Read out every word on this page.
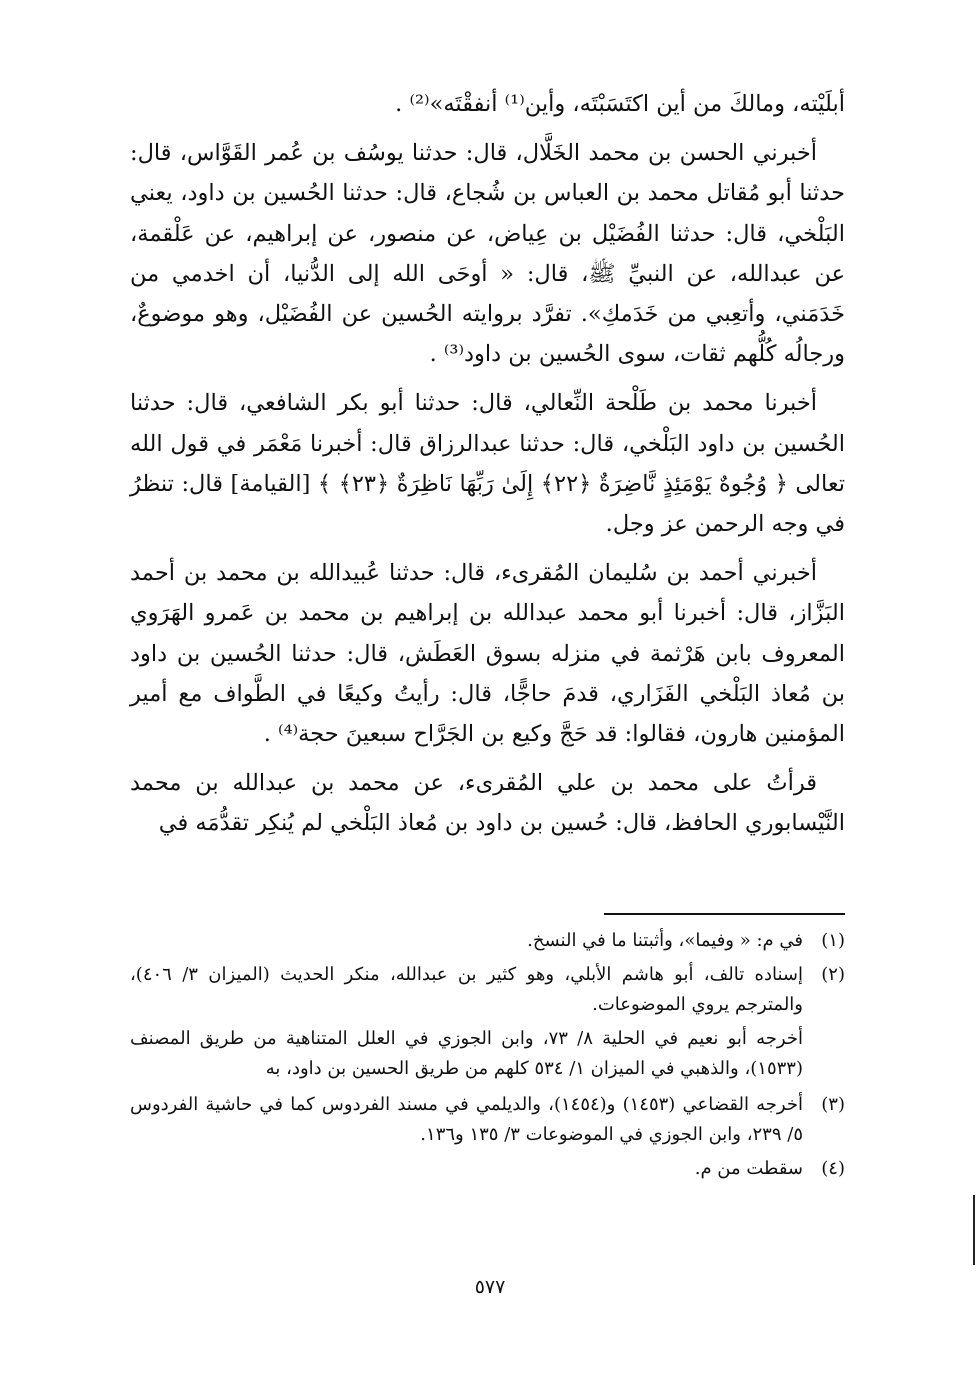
أبلَيْته، ومالكَ من أين اكتَسَبْتَه، وأين⁽¹⁾ أنفقْتَه»⁽²⁾ .

أخبرني الحسن بن محمد الخَلَّال، قال: حدثنا يوسُف بن عُمر القَوَّاس، قال: حدثنا أبو مُقاتل محمد بن العباس بن شُجاع، قال: حدثنا الحُسين بن داود، يعني البَلْخي، قال: حدثنا الفُضَيْل بن عِياض، عن منصور، عن إبراهيم، عن عَلْقمة، عن عبدالله، عن النبيِّ ﷺ، قال: « أوحَى الله إلى الدُّنيا، أن اخدمي من خَدَمَني، وأتعِبي من خَدَمكِ». تفرَّد بروايته الحُسين عن الفُضَيْل، وهو موضوعٌ، ورجالُه كُلُّهم ثقات، سوى الحُسين بن داود⁽³⁾ .

أخبرنا محمد بن طَلْحة النِّعالي، قال: حدثنا أبو بكر الشافعي، قال: حدثنا الحُسين بن داود البَلْخي، قال: حدثنا عبدالرزاق قال: أخبرنا مَعْمَر في قول الله تعالى ﴿ وُجُوهٌ يَوْمَئِذٍ نَّاضِرَةٌ ﴿٢٢﴾ إِلَىٰ رَبِّهَا نَاظِرَةٌ ﴿٢٣﴾ ﴾ [القيامة] قال: تنظرُ في وجه الرحمن عز وجل.

أخبرني أحمد بن سُليمان المُقرىء، قال: حدثنا عُبيدالله بن محمد بن أحمد البَزَّاز، قال: أخبرنا أبو محمد عبدالله بن إبراهيم بن محمد بن عَمرو الهَرَوي المعروف بابن هَرْثمة في منزله بسوق العَطَش، قال: حدثنا الحُسين بن داود بن مُعاذ البَلْخي الفَزَاري، قدمَ حاجًّا، قال: رأيتُ وكيعًا في الطَّواف مع أمير المؤمنين هارون، فقالوا: قد حَجَّ وكيع بن الجَرَّاح سبعينَ حجة⁽⁴⁾ .

قرأتُ على محمد بن علي المُقرىء، عن محمد بن عبدالله بن محمد النَّيْسابوري الحافظ، قال: حُسين بن داود بن مُعاذ البَلْخي لم يُنكِر تقدُّمَه في

(١)
في م: « وفيما»، وأثبتنا ما في النسخ.
(٢)
إسناده تالف، أبو هاشم الأبلي، وهو كثير بن عبدالله، منكر الحديث (الميزان ٣/ ٤٠٦)، والمترجم يروي الموضوعات.
أخرجه أبو نعيم في الحلية ٨/ ٧٣، وابن الجوزي في العلل المتناهية من طريق المصنف (١٥٣٣)، والذهبي في الميزان ١/ ٥٣٤ كلهم من طريق الحسين بن داود، به
(٣)
أخرجه القضاعي (١٤٥٣) و(١٤٥٤)، والديلمي في مسند الفردوس كما في حاشية الفردوس ٥/ ٢٣٩، وابن الجوزي في الموضوعات ٣/ ١٣٥ و١٣٦.
(٤)
سقطت من م.
٥٧٧
